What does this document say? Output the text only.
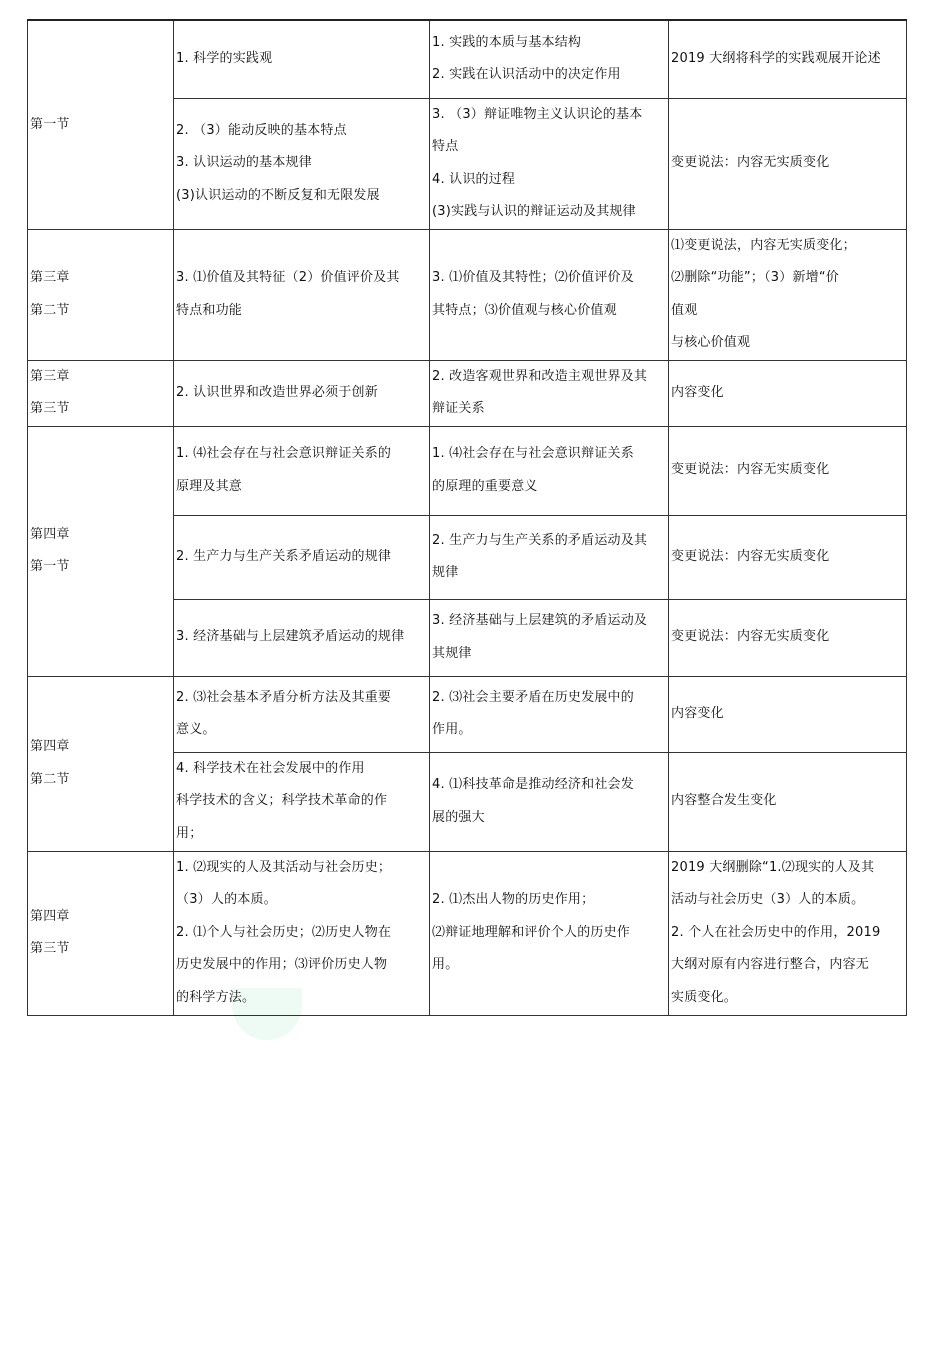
第一节	1. 科学的实践观	1. 实践的本质与基本结构
2. 实践在认识活动中的决定作用	2019 大纲将科学的实践观展开论述

	2. （3）能动反映的基本特点
3. 认识运动的基本规律
(3)认识运动的不断反复和无限发展	3. （3）辩证唯物主义认识论的基本
特点
4. 认识的过程
(3)实践与认识的辩证运动及其规律	变更说法：内容无实质变化

第三章
第二节	3. ⑴价值及其特征（2）价值评价及其
特点和功能	3. ⑴价值及其特性；⑵价值评价及
其特点；⑶价值观与核心价值观	⑴变更说法，内容无实质变化；
⑵删除“功能”；（3）新增“价
值观
与核心价值观

第三章
第三节	2. 认识世界和改造世界必须于创新	2. 改造客观世界和改造主观世界及其
辩证关系	内容变化

第四章
第一节	1. ⑷社会存在与社会意识辩证关系的
原理及其意	1. ⑷社会存在与社会意识辩证关系
的原理的重要意义	变更说法：内容无实质变化

	2. 生产力与生产关系矛盾运动的规律	2. 生产力与生产关系的矛盾运动及其
规律	变更说法：内容无实质变化

	3. 经济基础与上层建筑矛盾运动的规律	3. 经济基础与上层建筑的矛盾运动及
其规律	变更说法：内容无实质变化

第四章
第二节	2. ⑶社会基本矛盾分析方法及其重要
意义。	2. ⑶社会主要矛盾在历史发展中的
作用。	内容变化

	4. 科学技术在社会发展中的作用
科学技术的含义；科学技术革命的作
用；	4. ⑴科技革命是推动经济和社会发
展的强大	内容整合发生变化

第四章
第三节	1. ⑵现实的人及其活动与社会历史；
（3）人的本质。
2. ⑴个人与社会历史；⑵历史人物在
历史发展中的作用；⑶评价历史人物
的科学方法。	2. ⑴杰出人物的历史作用；
⑵辩证地理解和评价个人的历史作
用。	2019 大纲删除“1.⑵现实的人及其
活动与社会历史（3）人的本质。
2. 个人在社会历史中的作用，2019
大纲对原有内容进行整合，内容无
实质变化。
